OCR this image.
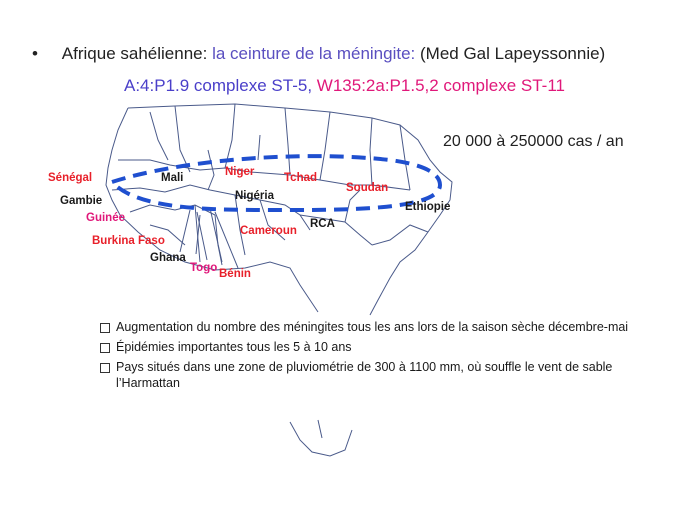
• Afrique sahélienne: la ceinture de la méningite: (Med Gal Lapeyssonnie)
A:4:P1.9 complexe ST-5, W135:2a:P1.5,2 complexe ST-11
20 000 à 250000 cas / an
Sénégal
Gambie
Guinée
Burkina Faso
Ghana
Togo Bénin
Mali	Niger
Nigéria
Tchad
Cameroun
RCA
Soudan
Ethiopie
Augmentation du nombre des méningites tous les ans lors de la saison sèche décembre-mai
Épidémies importantes tous les 5 à 10 ans
Pays situés dans une zone de pluviométrie de 300 à 1100 mm, où souffle le vent de sable l’Harmattan
